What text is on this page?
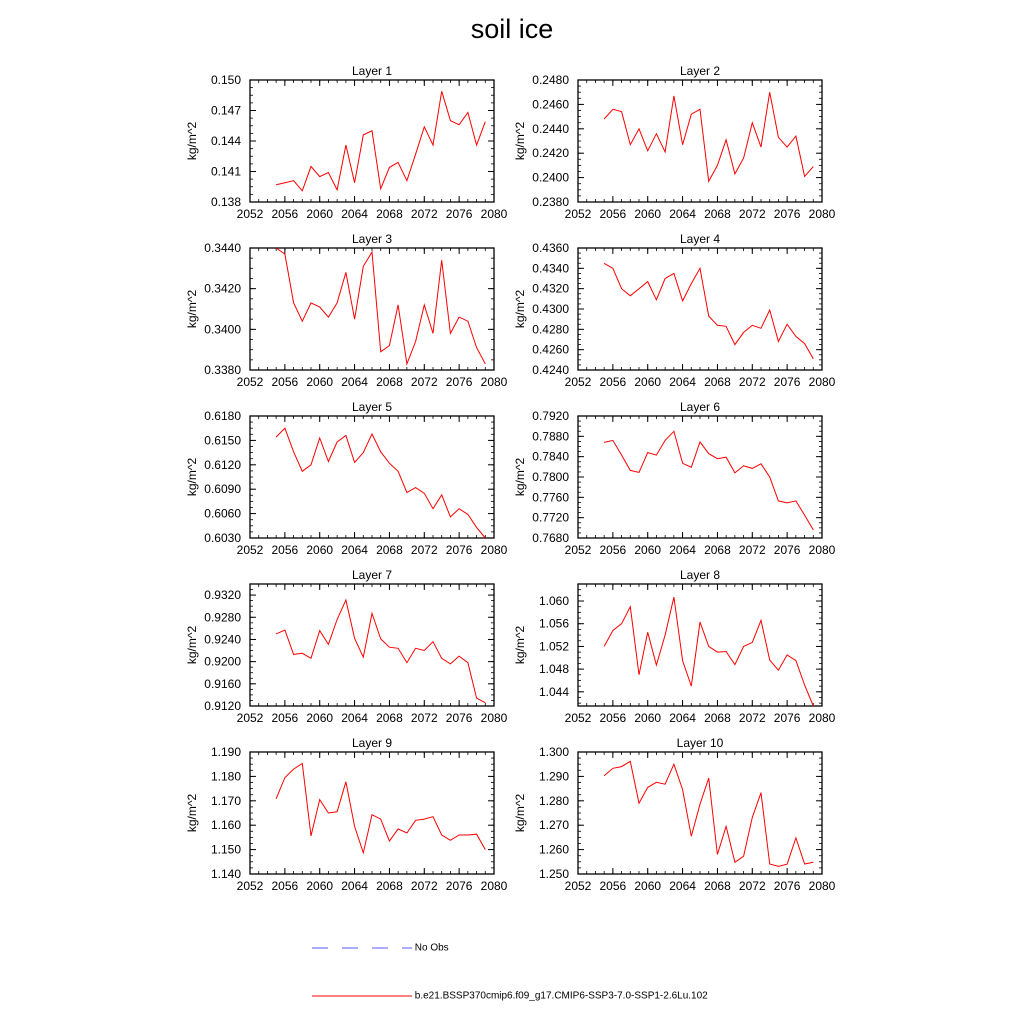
soil ice
Layer 1
kg/m^2
2052 2056 2060 2064 2068 2072 2076 2080
0.138
0.141
0.144
0.147
0.150
Layer 2
kg/m^2
2052 2056 2060 2064 2068 2072 2076 2080
0.2380
0.2400
0.2420
0.2440
0.2460
0.2480
Layer 3
kg/m^2
2052 2056 2060 2064 2068 2072 2076 2080
0.3380
0.3400
0.3420
0.3440
Layer 4
kg/m^2
2052 2056 2060 2064 2068 2072 2076 2080
0.4240
0.4260
0.4280
0.4300
0.4320
0.4340
0.4360
Layer 5
kg/m^2
2052 2056 2060 2064 2068 2072 2076 2080
0.6030
0.6060
0.6090
0.6120
0.6150
0.6180
Layer 6
kg/m^2
2052 2056 2060 2064 2068 2072 2076 2080
0.7680
0.7720
0.7760
0.7800
0.7840
0.7880
0.7920
Layer 7
kg/m^2
2052 2056 2060 2064 2068 2072 2076 2080
0.9120
0.9160
0.9200
0.9240
0.9280
0.9320
Layer 8
kg/m^2
2052 2056 2060 2064 2068 2072 2076 2080
1.044
1.048
1.052
1.056
1.060
Layer 9
kg/m^2
2052 2056 2060 2064 2068 2072 2076 2080
1.140
1.150
1.160
1.170
1.180
1.190
Layer 10
kg/m^2
2052 2056 2060 2064 2068 2072 2076 2080
1.250
1.260
1.270
1.280
1.290
1.300
No Obs
b.e21.BSSP370cmip6.f09_g17.CMIP6-SSP3-7.0-SSP1-2.6Lu.102
